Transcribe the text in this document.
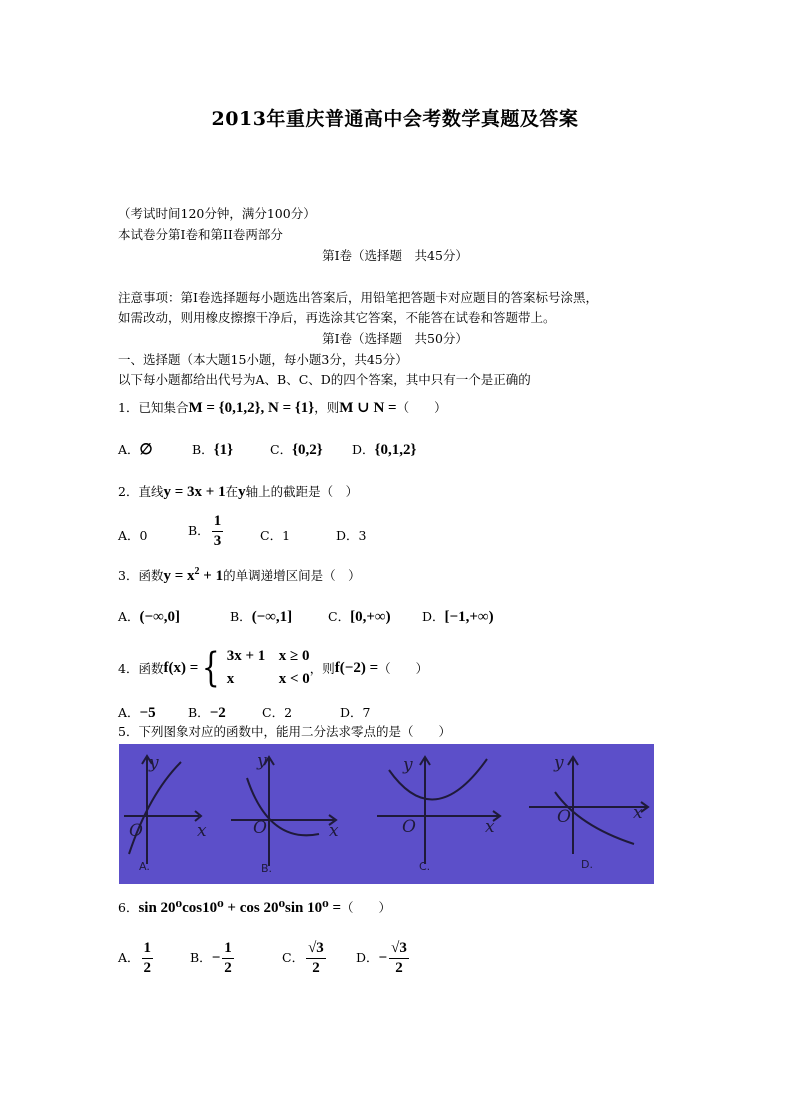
2013年重庆普通高中会考数学真题及答案
（考试时间120分钟，满分100分）
本试卷分第I卷和第II卷两部分
第I卷（选择题　共45分）
注意事项：第I卷选择题每小题选出答案后，用铅笔把答题卡对应题目的答案标号涂黑，
如需改动，则用橡皮擦擦干净后，再选涂其它答案，不能答在试卷和答题带上。
第I卷（选择题　共50分）
一、选择题（本大题15小题，每小题3分，共45分）
以下每小题都给出代号为A、B、C、D的四个答案，其中只有一个是正确的
1．已知集合M = {0,1,2}, N = {1}，则M ∪ N =（　　）
A．∅	B．{1}	C．{0,2} D．{0,1,2}
2．直线y = 3x + 1在y轴上的截距是（　）
A．0	B． $\frac{1}{3}$	C．1	D．3
3．函数$y = x^2 + 1$的单调递增区间是（　）
A．(−∞,0]	B．(−∞,1]	C．[0,+∞)	D．[−1,+∞)
4． 函数 f(x) = { 3x + 1 x ≥ 0
x	x < 0
，则 f(−2) = （　　）
A．−5	B．−2	C．2	D．7
5．下列图象对应的函数中，能用二分法求零点的是（　　）
y
O	x
y
O	x
y
O	x
y
O	x
A.	B.	C.	D.
6．sin 20⁰cos10⁰ + cos 20⁰sin 10⁰ =（　　）
A． $\frac{1}{2}$	B．− $\frac{1}{2}$	C． $\frac{√3}{2}$ D．− $\frac{√3}{2}$
